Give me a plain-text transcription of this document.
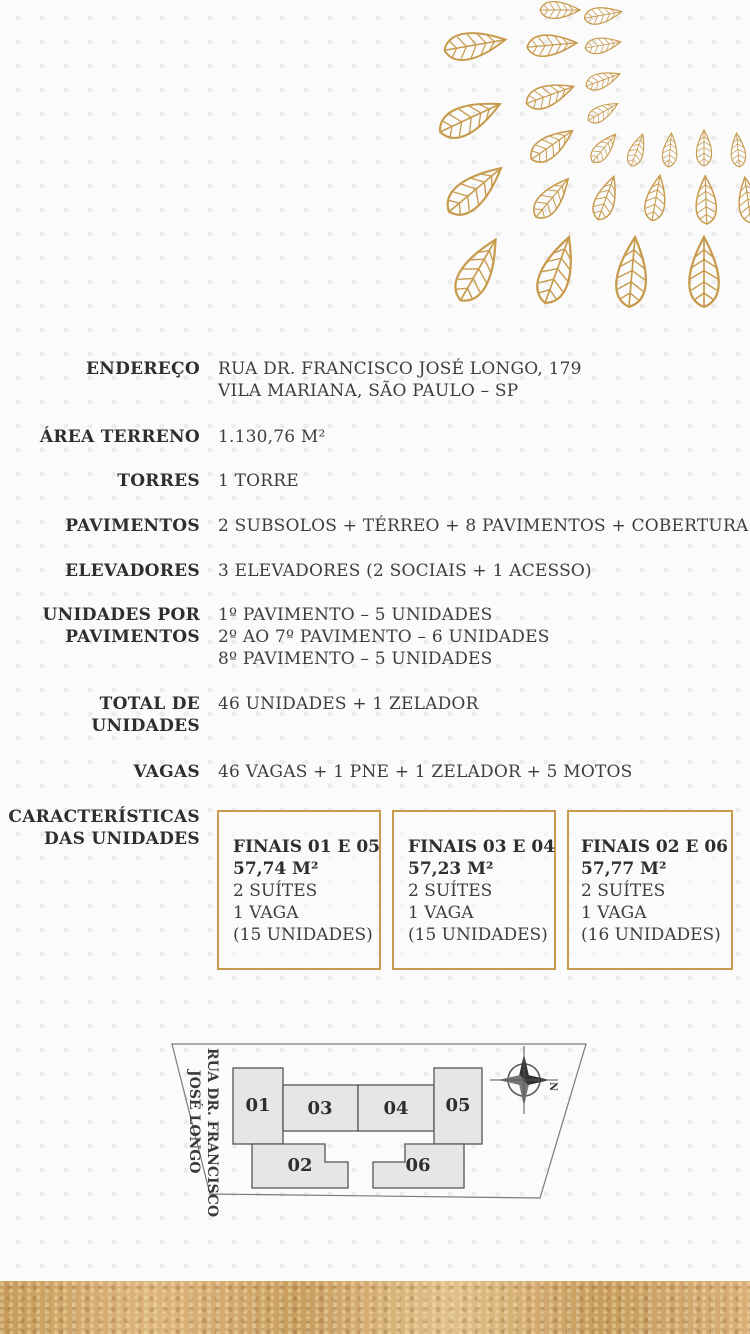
ENDEREÇO RUA DR. FRANCISCO JOSÉ LONGO, 179
VILA MARIANA, SÃO PAULO – SP
ÁREA TERRENO 1.130,76 M²
TORRES 1 TORRE
PAVIMENTOS 2 SUBSOLOS + TÉRREO + 8 PAVIMENTOS + COBERTURA
ELEVADORES 3 ELEVADORES (2 SOCIAIS + 1 ACESSO)
UNIDADES POR
PAVIMENTOS
1º PAVIMENTO – 5 UNIDADES
2º AO 7º PAVIMENTO – 6 UNIDADES
8º PAVIMENTO – 5 UNIDADES
TOTAL DE
UNIDADES
46 UNIDADES + 1 ZELADOR
VAGAS 46 VAGAS + 1 PNE + 1 ZELADOR + 5 MOTOS
CARACTERÍSTICAS
DAS UNIDADES FINAIS 01 E 05
57,74 M²
2 SUÍTES
1 VAGA
(15 UNIDADES)
FINAIS 03 E 04
57,23 M²
2 SUÍTES
1 VAGA
(15 UNIDADES)
FINAIS 02 E 06
57,77 M²
2 SUÍTES
1 VAGA
(16 UNIDADES)
RUA DR. FRANCISCO
JOSÉ LONGO 01 03	04 05
02	06
N
